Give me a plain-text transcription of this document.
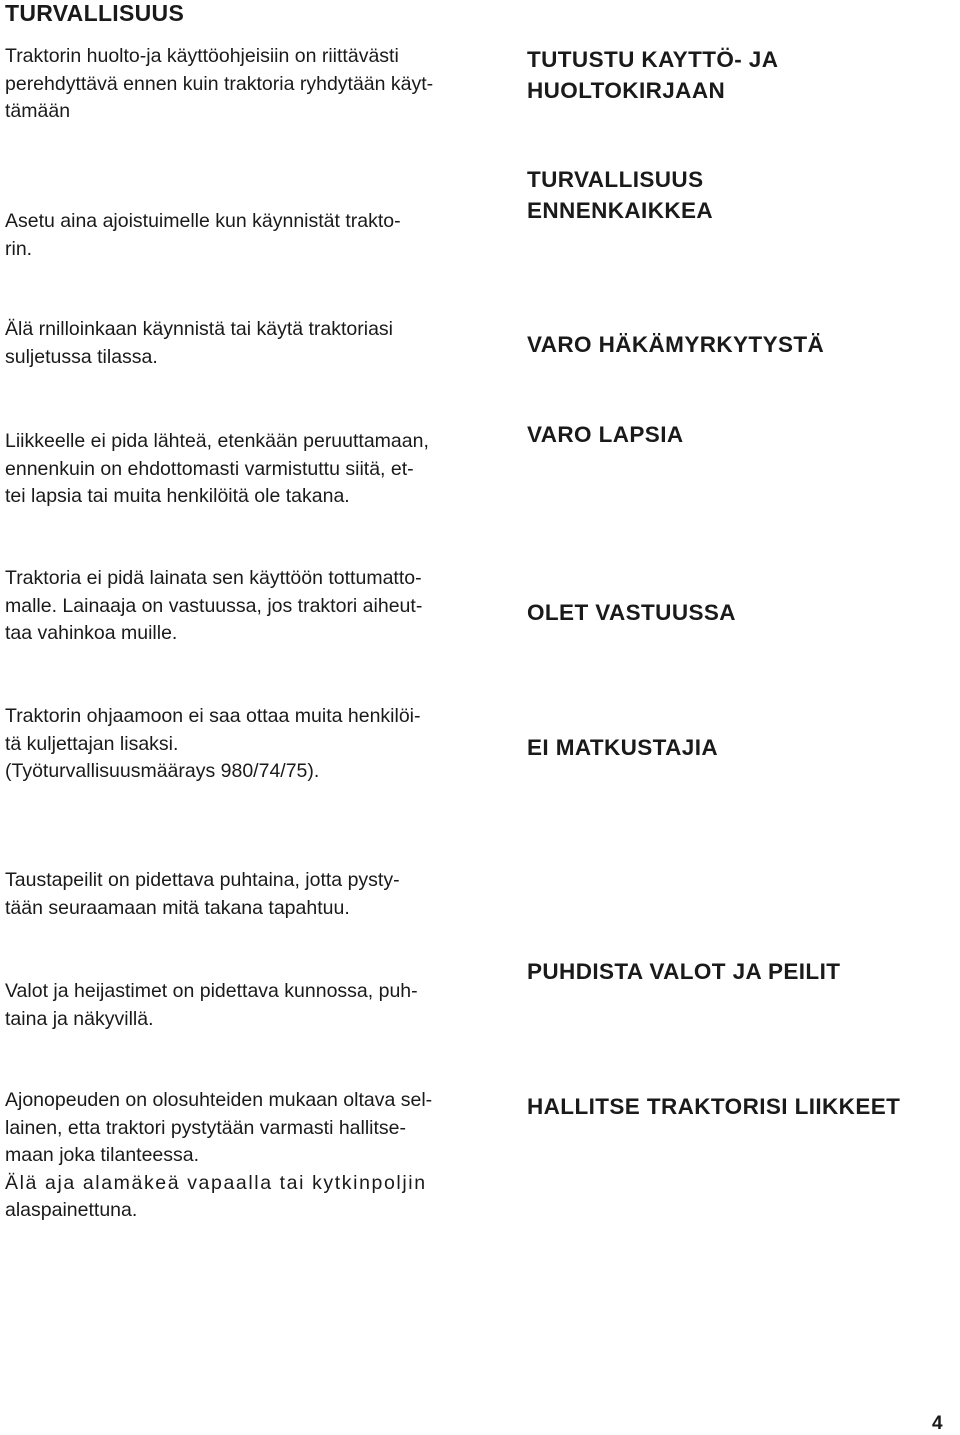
TURVALLISUUS
Traktorin huolto-ja käyttöohjeisiin on riittävästi
perehdyttävä ennen kuin traktoria ryhdytään käyt-
tämään
TUTUSTU KAYTTÖ- JA
HUOLTOKIRJAAN
Asetu aina ajoistuimelle kun käynnistät trakto-
rin.
TURVALLISUUS
ENNENKAIKKEA
Älä rnilloinkaan käynnistä tai käytä traktoriasi
suljetussa tilassa.	VARO HÄKÄMYRKYTYSTÄ
Liikkeelle ei pida lähteä, etenkään peruuttamaan,
ennenkuin on ehdottomasti varmistuttu siitä, et-
tei lapsia tai muita henkilöitä ole takana.
VARO LAPSIA
Traktoria ei pidä lainata sen käyttöön tottumatto-
malle. Lainaaja on vastuussa, jos traktori aiheut-
taa vahinkoa muille.
OLET VASTUUSSA
Traktorin ohjaamoon ei saa ottaa muita henkilöi-
tä kuljettajan lisaksi.
(Työturvallisuusmäärays 980/74/75).
EI MATKUSTAJIA
Taustapeilit on pidettava puhtaina, jotta pysty-
tään seuraamaan mitä takana tapahtuu.
Valot ja heijastimet on pidettava kunnossa, puh-
taina ja näkyvillä.
PUHDISTA VALOT JA PEILIT
Ajonopeuden on olosuhteiden mukaan oltava sel-
lainen, etta traktori pystytään varmasti hallitse-
maan joka tilanteessa.
Älä aja alamäkeä vapaalla tai kytkinpoljin
alaspainettuna.
HALLITSE TRAKTORISI LIIKKEET
4
